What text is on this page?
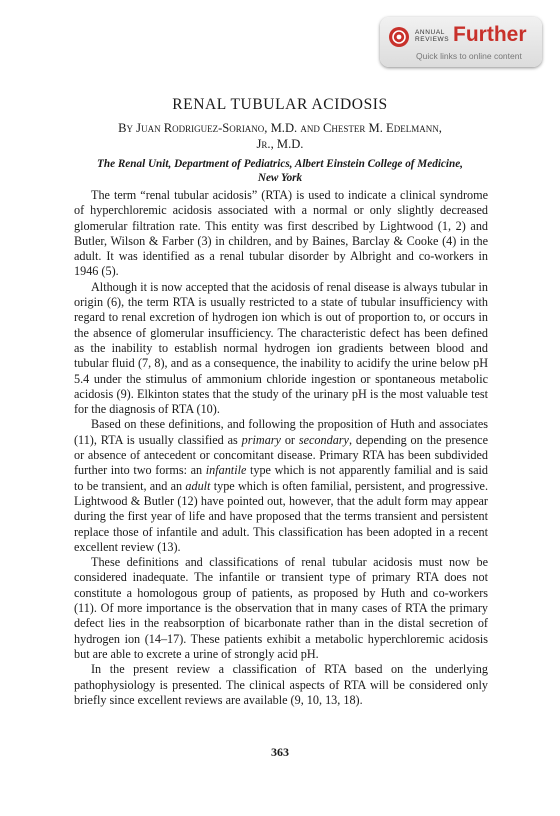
ANNUAL
REVIEWS Further
Quick links to online content
RENAL TUBULAR ACIDOSIS
By Juan Rodriguez-Soriano, M.D. and Chester M. Edelmann,
Jr., M.D.
The Renal Unit, Department of Pediatrics, Albert Einstein College of Medicine,
New York

The term “renal tubular acidosis” (RTA) is used to indicate a clinical syndrome of hyperchloremic acidosis associated with a normal or only slightly decreased glomerular filtration rate. This entity was first described by Lightwood (1, 2) and Butler, Wilson & Farber (3) in children, and by Baines, Barclay & Cooke (4) in the adult. It was identified as a renal tubular disorder by Albright and co-workers in 1946 (5).

Although it is now accepted that the acidosis of renal disease is always tubular in origin (6), the term RTA is usually restricted to a state of tubular insufficiency with regard to renal excretion of hydrogen ion which is out of proportion to, or occurs in the absence of glomerular insufficiency. The characteristic defect has been defined as the inability to establish normal hydrogen ion gradients between blood and tubular fluid (7, 8), and as a consequence, the inability to acidify the urine below pH 5.4 under the stimulus of ammonium chloride ingestion or spontaneous metabolic acidosis (9). Elkinton states that the study of the urinary pH is the most valuable test for the diagnosis of RTA (10).

Based on these definitions, and following the proposition of Huth and associates (11), RTA is usually classified as primary or secondary, depending on the presence or absence of antecedent or concomitant disease. Primary RTA has been subdivided further into two forms: an infantile type which is not apparently familial and is said to be transient, and an adult type which is often familial, persistent, and progressive. Lightwood & Butler (12) have pointed out, however, that the adult form may appear during the first year of life and have proposed that the terms transient and persistent replace those of infantile and adult. This classification has been adopted in a recent excellent review (13).

These definitions and classifications of renal tubular acidosis must now be considered inadequate. The infantile or transient type of primary RTA does not constitute a homologous group of patients, as proposed by Huth and co-workers (11). Of more importance is the observation that in many cases of RTA the primary defect lies in the reabsorption of bicarbonate rather than in the distal secretion of hydrogen ion (14–17). These patients exhibit a metabolic hyperchloremic acidosis but are able to excrete a urine of strongly acid pH.

In the present review a classification of RTA based on the underlying pathophysiology is presented. The clinical aspects of RTA will be considered only briefly since excellent reviews are available (9, 10, 13, 18).

363
